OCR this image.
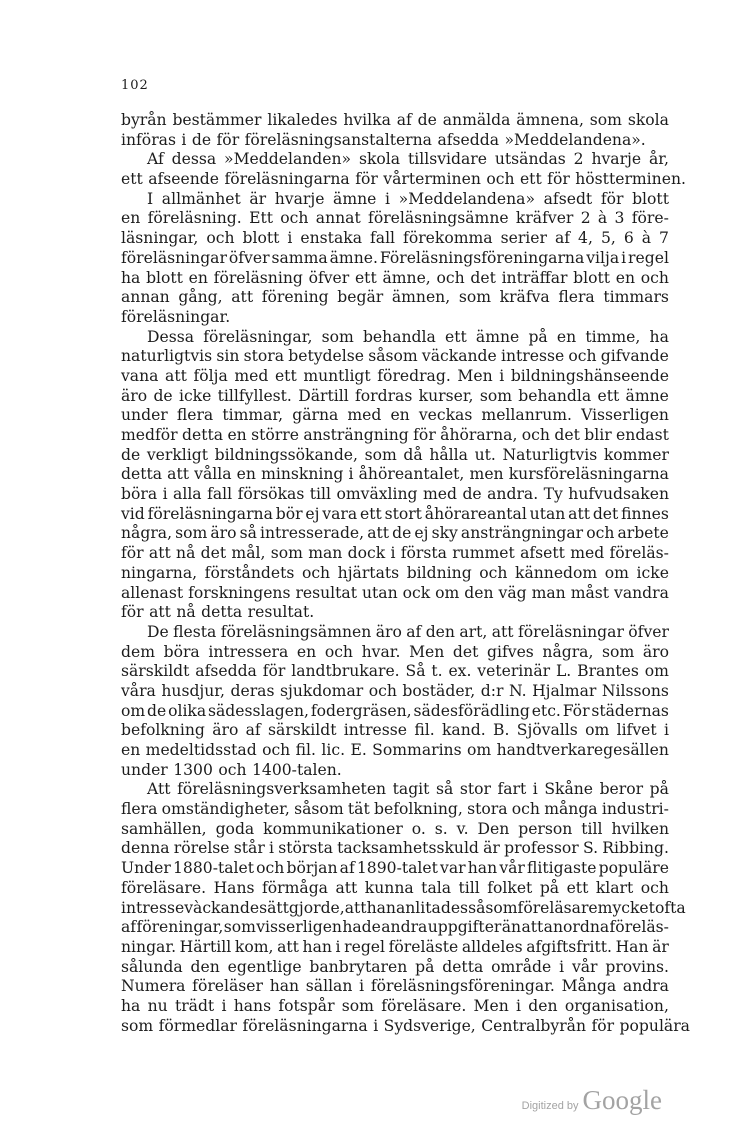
102
byrån bestämmer likaledes hvilka af de anmälda ämnena, som skola
införas i de för föreläsningsanstalterna afsedda »Meddelandena».
Af dessa »Meddelanden» skola tillsvidare utsändas 2 hvarje år,
ett afseende föreläsningarna för vårterminen och ett för höstterminen.
I allmänhet är hvarje ämne i »Meddelandena» afsedt för blott
en föreläsning. Ett och annat föreläsningsämne kräfver 2 à 3 före-
läsningar, och blott i enstaka fall förekomma serier af 4, 5, 6 à 7
föreläsningar öfver samma ämne. Föreläsningsföreningarna vilja i regel
ha blott en föreläsning öfver ett ämne, och det inträffar blott en och
annan gång, att förening begär ämnen, som kräfva flera timmars
föreläsningar.
Dessa föreläsningar, som behandla ett ämne på en timme, ha
naturligtvis sin stora betydelse såsom väckande intresse och gifvande
vana att följa med ett muntligt föredrag. Men i bildningshänseende
äro de icke tillfyllest. Därtill fordras kurser, som behandla ett ämne
under flera timmar, gärna med en veckas mellanrum. Visserligen
medför detta en större ansträngning för åhörarna, och det blir endast
de verkligt bildningssökande, som då hålla ut. Naturligtvis kommer
detta att vålla en minskning i åhöreantalet, men kursföreläsningarna
böra i alla fall försökas till omväxling med de andra. Ty hufvudsaken
vid föreläsningarna bör ej vara ett stort åhörareantal utan att det finnes
några, som äro så intresserade, att de ej sky ansträngningar och arbete
för att nå det mål, som man dock i första rummet afsett med föreläs-
ningarna, förståndets och hjärtats bildning och kännedom om icke
allenast forskningens resultat utan ock om den väg man måst vandra
för att nå detta resultat.
De flesta föreläsningsämnen äro af den art, att föreläsningar öfver
dem böra intressera en och hvar. Men det gifves några, som äro
särskildt afsedda för landtbrukare. Så t. ex. veterinär L. Brantes om
våra husdjur, deras sjukdomar och bostäder, d:r N. Hjalmar Nilssons
om de olika sädesslagen, fodergräsen, sädesförädling etc. För städernas
befolkning äro af särskildt intresse fil. kand. B. Sjövalls om lifvet i
en medeltidsstad och fil. lic. E. Sommarins om handtverkaregesällen
under 1300 och 1400-talen.
Att föreläsningsverksamheten tagit så stor fart i Skåne beror på
flera omständigheter, såsom tät befolkning, stora och många industri-
samhällen, goda kommunikationer o. s. v. Den person till hvilken
denna rörelse står i största tacksamhetsskuld är professor S. Ribbing.
Under 1880-talet och början af 1890-talet var han vår flitigaste populäre
föreläsare. Hans förmåga att kunna tala till folket på ett klart och
intressevàckande sätt gjorde, att han anlitades såsom föreläsare mycket ofta
af föreningar, som visserligen hade andra uppgifter än att anordna föreläs-
ningar. Härtill kom, att han i regel föreläste alldeles afgiftsfritt. Han är
sålunda den egentlige banbrytaren på detta område i vår provins.
Numera föreläser han sällan i föreläsningsföreningar. Många andra
ha nu trädt i hans fotspår som föreläsare. Men i den organisation,
som förmedlar föreläsningarna i Sydsverige, Centralbyrån för populära
Digitized by Google
